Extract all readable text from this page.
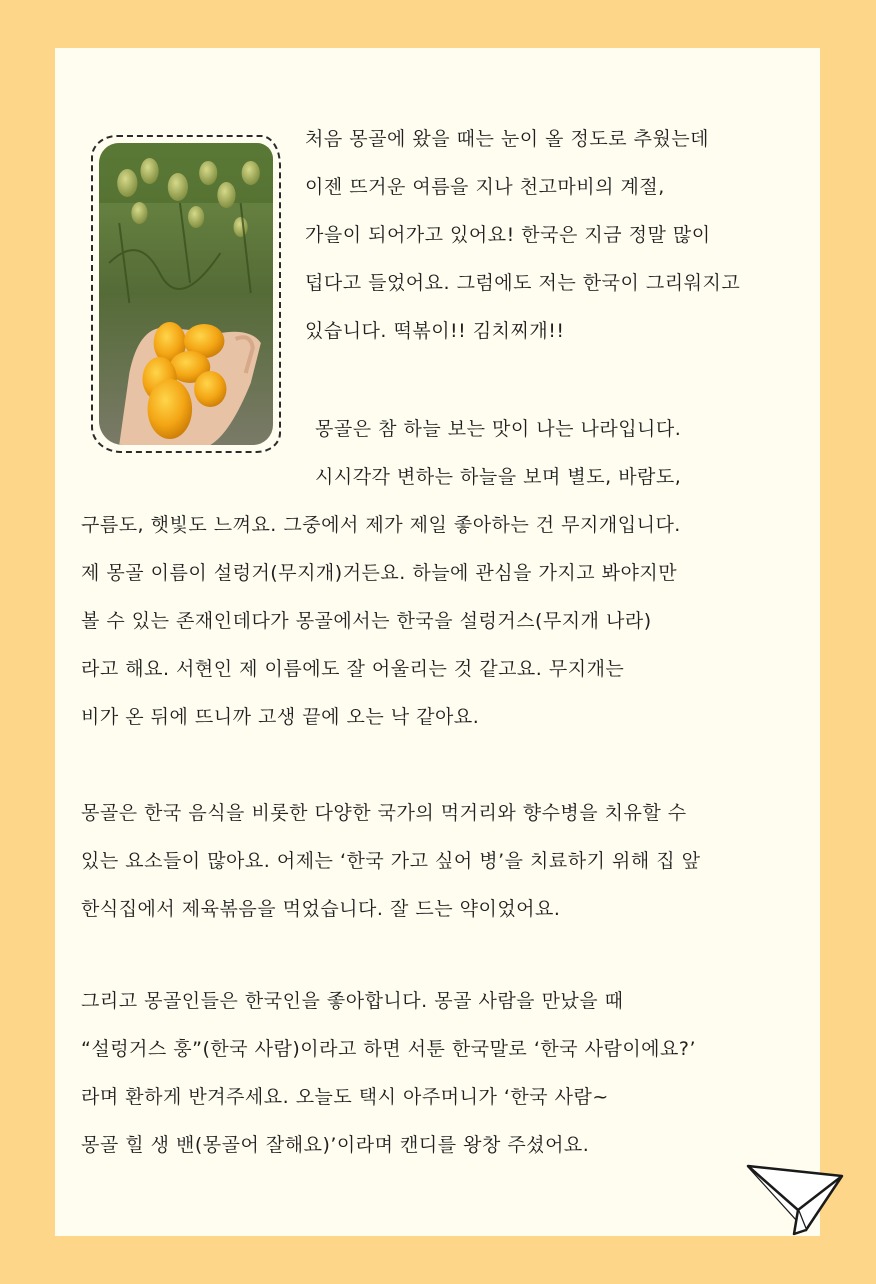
처음 몽골에 왔을 때는 눈이 올 정도로 추웠는데
이젠 뜨거운 여름을 지나 천고마비의 계절,
가을이 되어가고 있어요! 한국은 지금 정말 많이
덥다고 들었어요. 그럼에도 저는 한국이 그리워지고
있습니다. 떡볶이!! 김치찌개!!
몽골은 참 하늘 보는 맛이 나는 나라입니다.
시시각각 변하는 하늘을 보며 별도, 바람도,
구름도, 햇빛도 느껴요. 그중에서 제가 제일 좋아하는 건 무지개입니다.
제 몽골 이름이 설렁거(무지개)거든요. 하늘에 관심을 가지고 봐야지만
볼 수 있는 존재인데다가 몽골에서는 한국을 설렁거스(무지개 나라)
라고 해요. 서현인 제 이름에도 잘 어울리는 것 같고요. 무지개는
비가 온 뒤에 뜨니까 고생 끝에 오는 낙 같아요.
몽골은 한국 음식을 비롯한 다양한 국가의 먹거리와 향수병을 치유할 수
있는 요소들이 많아요. 어제는 ‘한국 가고 싶어 병’을 치료하기 위해 집 앞
한식집에서 제육볶음을 먹었습니다. 잘 드는 약이었어요.
그리고 몽골인들은 한국인을 좋아합니다. 몽골 사람을 만났을 때
“설렁거스 훙”(한국 사람)이라고 하면 서툰 한국말로 ‘한국 사람이에요?’
라며 환하게 반겨주세요. 오늘도 택시 아주머니가 ‘한국 사람~
몽골 힐 생 밴(몽골어 잘해요)’이라며 캔디를 왕창 주셨어요.
